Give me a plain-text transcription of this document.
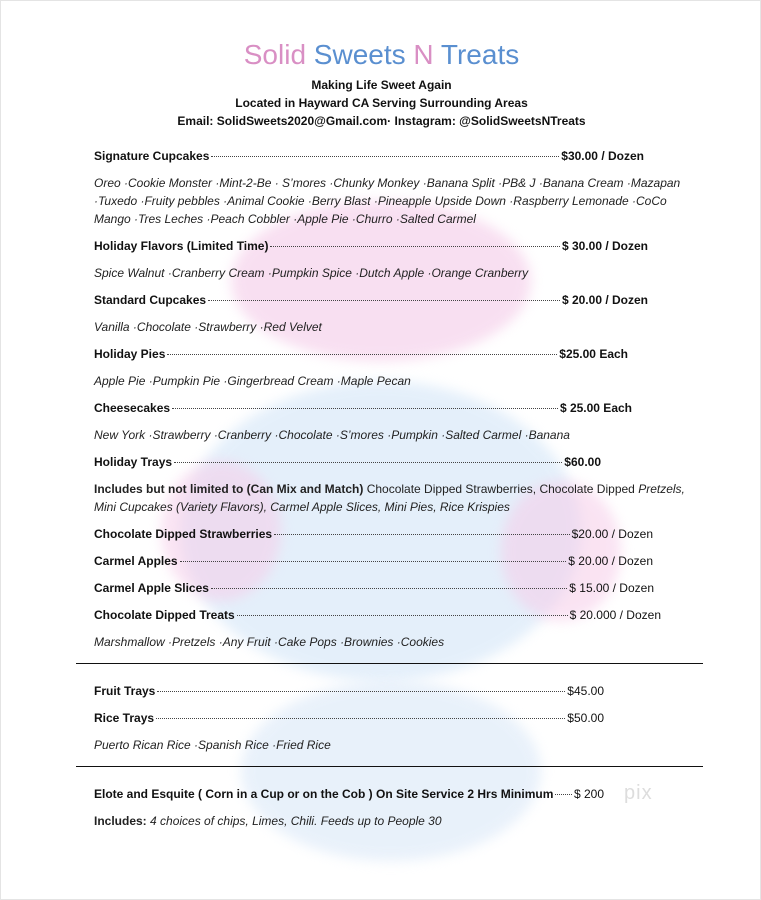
Solid Sweets N Treats
Making Life Sweet Again
Located in Hayward CA Serving Surrounding Areas
Email: SolidSweets2020@Gmail.com· Instagram: @SolidSweetsNTreats
Signature Cupcakes	$30.00 / Dozen
Oreo ·Cookie Monster ·Mint-2-Be · S’mores ·Chunky Monkey ·Banana Split ·PB& J ·Banana Cream ·Mazapan ·Tuxedo ·Fruity pebbles ·Animal Cookie ·Berry Blast ·Pineapple Upside Down ·Raspberry Lemonade ·CoCo Mango ·Tres Leches ·Peach Cobbler ·Apple Pie ·Churro ·Salted Carmel
Holiday Flavors (Limited Time)	$ 30.00 / Dozen
Spice Walnut ·Cranberry Cream ·Pumpkin Spice ·Dutch Apple ·Orange Cranberry
Standard Cupcakes	$ 20.00 / Dozen
Vanilla ·Chocolate ·Strawberry ·Red Velvet
Holiday Pies	$25.00 Each
Apple Pie ·Pumpkin Pie ·Gingerbread Cream ·Maple Pecan
Cheesecakes	$ 25.00 Each
New York ·Strawberry ·Cranberry ·Chocolate ·S’mores ·Pumpkin ·Salted Carmel ·Banana
Holiday Trays	$60.00
Includes but not limited to (Can Mix and Match) Chocolate Dipped Strawberries, Chocolate Dipped Pretzels, Mini Cupcakes (Variety Flavors), Carmel Apple Slices, Mini Pies, Rice Krispies
Chocolate Dipped Strawberries	$20.00 / Dozen
Carmel Apples	$ 20.00 / Dozen
Carmel Apple Slices	$ 15.00 / Dozen
Chocolate Dipped Treats	$ 20.000 / Dozen
Marshmallow ·Pretzels ·Any Fruit ·Cake Pops ·Brownies ·Cookies
Fruit Trays	$45.00
Rice Trays	$50.00
Puerto Rican Rice ·Spanish Rice ·Fried Rice
Elote and Esquite ( Corn in a Cup or on the Cob ) On Site Service 2 Hrs Minimum $ 200 pix
Includes: 4 choices of chips, Limes, Chili. Feeds up to People 30
